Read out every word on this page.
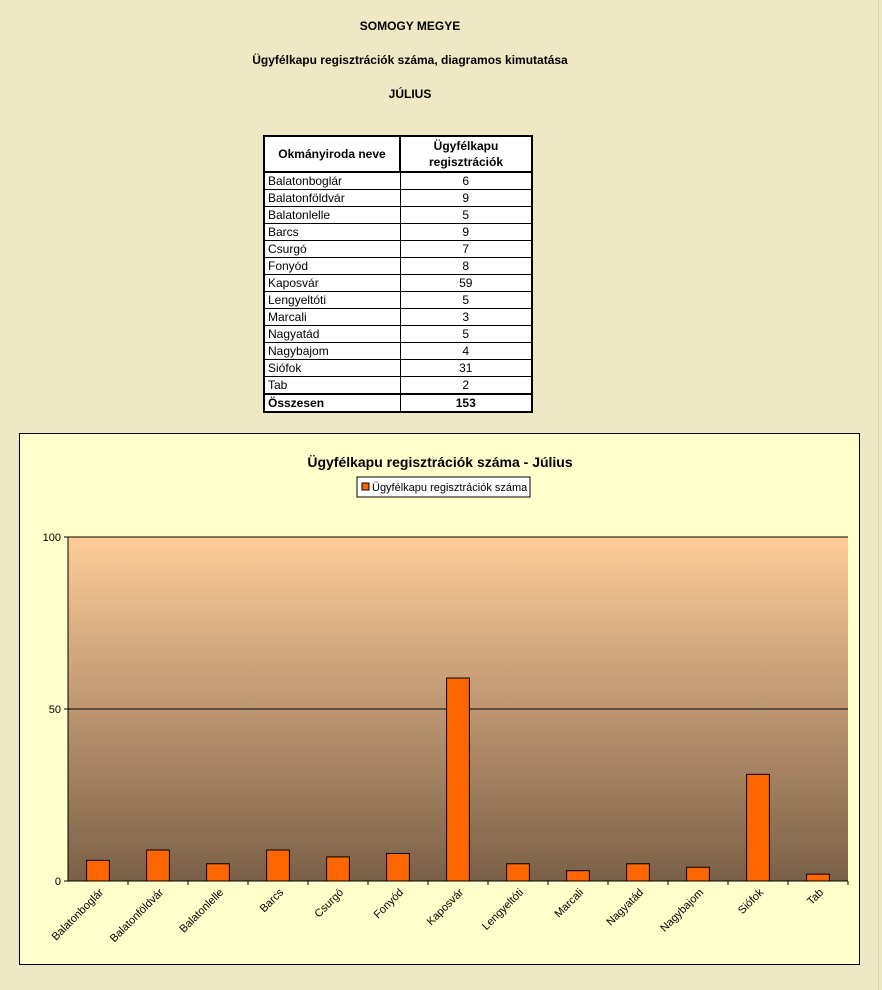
SOMOGY MEGYE
Ügyfélkapu regisztrációk száma, diagramos kimutatása
JÚLIUS
Okmányiroda neve	Ügyfélkapu
regisztrációk
Balatonboglár	6
Balatonföldvár	9
Balatonlelle	5
Barcs	9
Csurgó	7
Fonyód	8
Kaposvár	59
Lengyeltóti	5
Marcali	3
Nagyatád	5
Nagybajom	4
Siófok	31
Tab	2
Összesen	153
Ügyfélkapu regisztrációk száma - Július
Ügyfélkapu regisztrációk száma
0
50
100
Balatonboglár Balatonföldvár Balatonlelle	Barcs Csurgó Fonyód Kaposvár Lengyeltóti Marcali Nagyatád Nagybajom	Siófok	Tab
